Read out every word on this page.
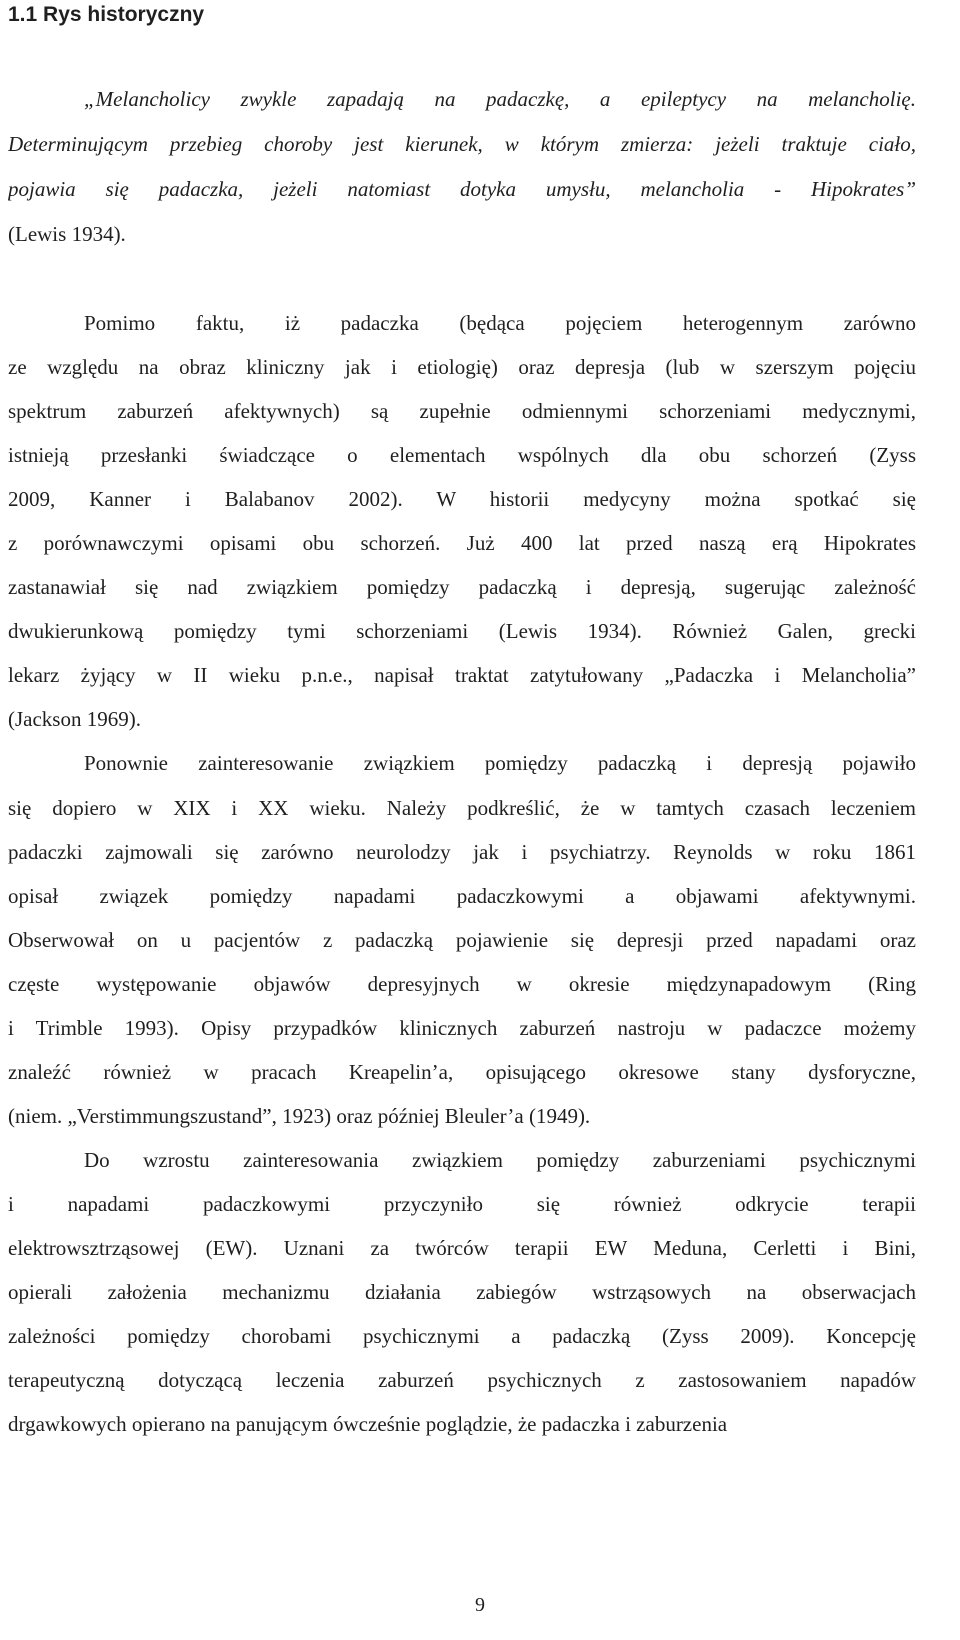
1.1 Rys historyczny
„Melancholicy zwykle zapadają na padaczkę, a epileptycy na melancholię.
Determinującym przebieg choroby jest kierunek, w którym zmierza: jeżeli traktuje ciało,
pojawia się padaczka, jeżeli natomiast dotyka umysłu, melancholia - Hipokrates”
(Lewis 1934).
Pomimo faktu, iż padaczka (będąca pojęciem heterogennym zarówno
ze względu na obraz kliniczny jak i etiologię) oraz depresja (lub w szerszym pojęciu
spektrum zaburzeń afektywnych) są zupełnie odmiennymi schorzeniami medycznymi,
istnieją przesłanki świadczące o elementach wspólnych dla obu schorzeń (Zyss
2009, Kanner i Balabanov 2002). W historii medycyny można spotkać się
z porównawczymi opisami obu schorzeń. Już 400 lat przed naszą erą Hipokrates
zastanawiał się nad związkiem pomiędzy padaczką i depresją, sugerując zależność
dwukierunkową pomiędzy tymi schorzeniami (Lewis 1934). Również Galen, grecki
lekarz żyjący w II wieku p.n.e., napisał traktat zatytułowany „Padaczka i Melancholia”
(Jackson 1969).
Ponownie zainteresowanie związkiem pomiędzy padaczką i depresją pojawiło
się dopiero w XIX i XX wieku. Należy podkreślić, że w tamtych czasach leczeniem
padaczki zajmowali się zarówno neurolodzy jak i psychiatrzy. Reynolds w roku 1861
opisał związek pomiędzy napadami padaczkowymi a objawami afektywnymi.
Obserwował on u pacjentów z padaczką pojawienie się depresji przed napadami oraz
częste występowanie objawów depresyjnych w okresie międzynapadowym (Ring
i Trimble 1993). Opisy przypadków klinicznych zaburzeń nastroju w padaczce możemy
znaleźć również w pracach Kreapelin’a, opisującego okresowe stany dysforyczne,
(niem. „Verstimmungszustand”, 1923) oraz później Bleuler’a (1949).
Do wzrostu zainteresowania związkiem pomiędzy zaburzeniami psychicznymi
i napadami padaczkowymi przyczyniło się również odkrycie terapii
elektrowsztrząsowej (EW). Uznani za twórców terapii EW Meduna, Cerletti i Bini,
opierali założenia mechanizmu działania zabiegów wstrząsowych na obserwacjach
zależności pomiędzy chorobami psychicznymi a padaczką (Zyss 2009). Koncepcję
terapeutyczną dotyczącą leczenia zaburzeń psychicznych z zastosowaniem napadów
drgawkowych opierano na panującym ówcześnie poglądzie, że padaczka i zaburzenia
9
